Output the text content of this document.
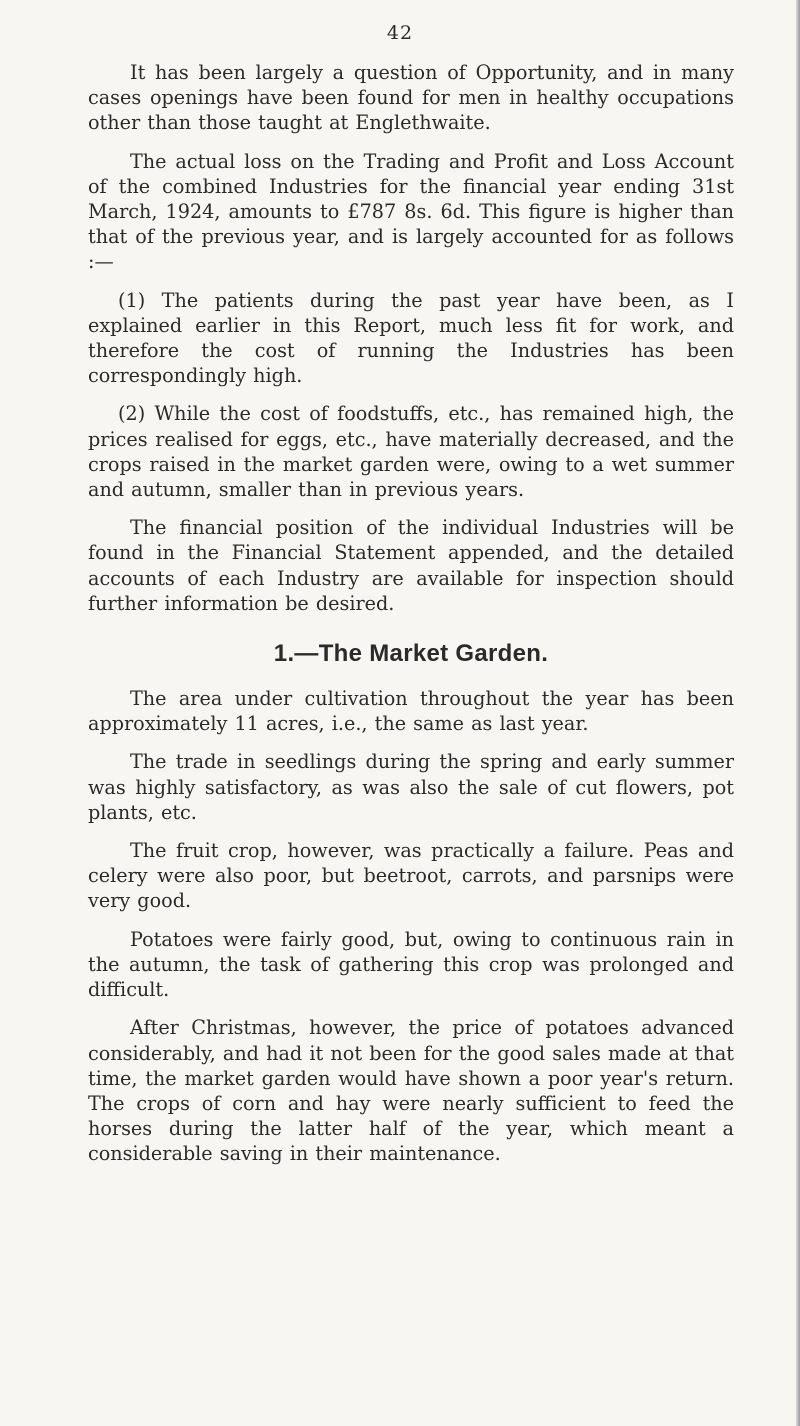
42

It has been largely a question of Opportunity, and in many cases openings have been found for men in healthy occupations other than those taught at Englethwaite.

The actual loss on the Trading and Profit and Loss Account of the combined Industries for the financial year ending 31st March, 1924, amounts to £787 8s. 6d. This figure is higher than that of the previous year, and is largely accounted for as follows :—

(1) The patients during the past year have been, as I explained earlier in this Report, much less fit for work, and therefore the cost of running the Industries has been correspondingly high.

(2) While the cost of foodstuffs, etc., has remained high, the prices realised for eggs, etc., have materially decreased, and the crops raised in the market garden were, owing to a wet summer and autumn, smaller than in previous years.

The financial position of the individual Industries will be found in the Financial Statement appended, and the detailed accounts of each Industry are available for inspection should further information be desired.

1.—The Market Garden.

The area under cultivation throughout the year has been approximately 11 acres, i.e., the same as last year.

The trade in seedlings during the spring and early summer was highly satisfactory, as was also the sale of cut flowers, pot plants, etc.

The fruit crop, however, was practically a failure. Peas and celery were also poor, but beetroot, carrots, and parsnips were very good.

Potatoes were fairly good, but, owing to continuous rain in the autumn, the task of gathering this crop was prolonged and difficult.

After Christmas, however, the price of potatoes advanced considerably, and had it not been for the good sales made at that time, the market garden would have shown a poor year's return. The crops of corn and hay were nearly sufficient to feed the horses during the latter half of the year, which meant a considerable saving in their maintenance.
